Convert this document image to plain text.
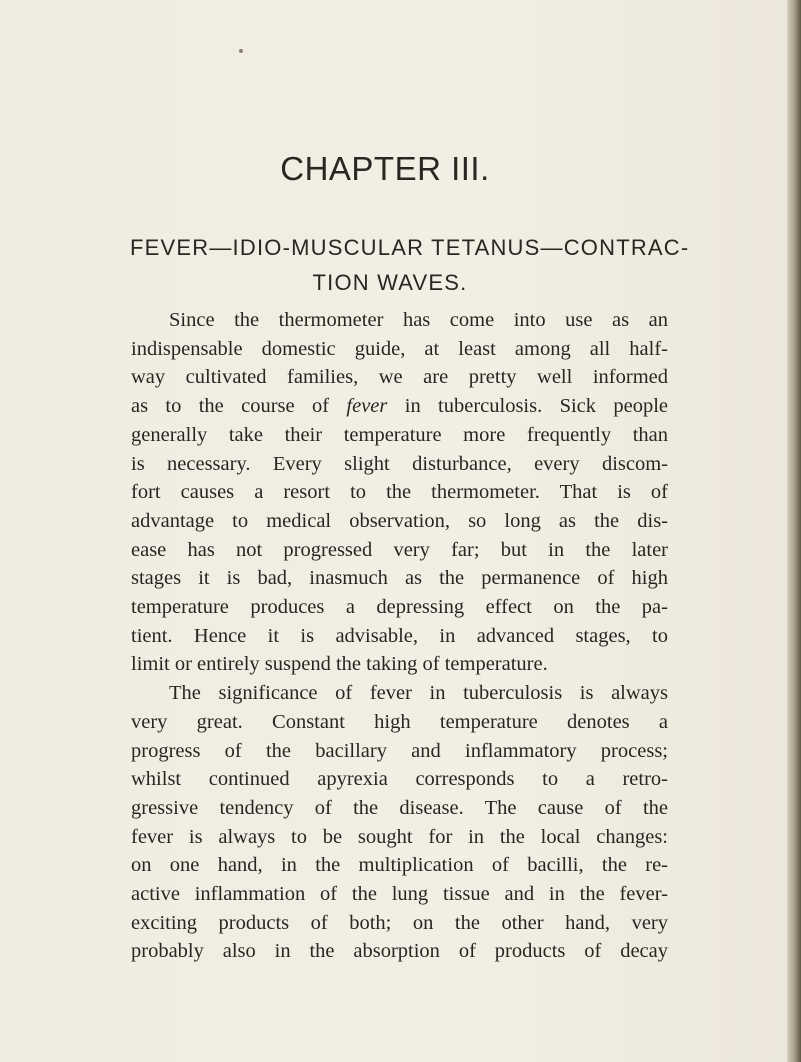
CHAPTER III.
FEVER—IDIO-MUSCULAR TETANUS—CONTRAC-
TION WAVES.
Since the thermometer has come into use as an
indispensable domestic guide, at least among all half-
way cultivated families, we are pretty well informed
as to the course of fever in tuberculosis. Sick people
generally take their temperature more frequently than
is necessary. Every slight disturbance, every discom-
fort causes a resort to the thermometer. That is of
advantage to medical observation, so long as the dis-
ease has not progressed very far; but in the later
stages it is bad, inasmuch as the permanence of high
temperature produces a depressing effect on the pa-
tient. Hence it is advisable, in advanced stages, to
limit or entirely suspend the taking of temperature.
The significance of fever in tuberculosis is always
very great. Constant high temperature denotes a
progress of the bacillary and inflammatory process;
whilst continued apyrexia corresponds to a retro-
gressive tendency of the disease. The cause of the
fever is always to be sought for in the local changes:
on one hand, in the multiplication of bacilli, the re-
active inflammation of the lung tissue and in the fever-
exciting products of both; on the other hand, very
probably also in the absorption of products of decay
